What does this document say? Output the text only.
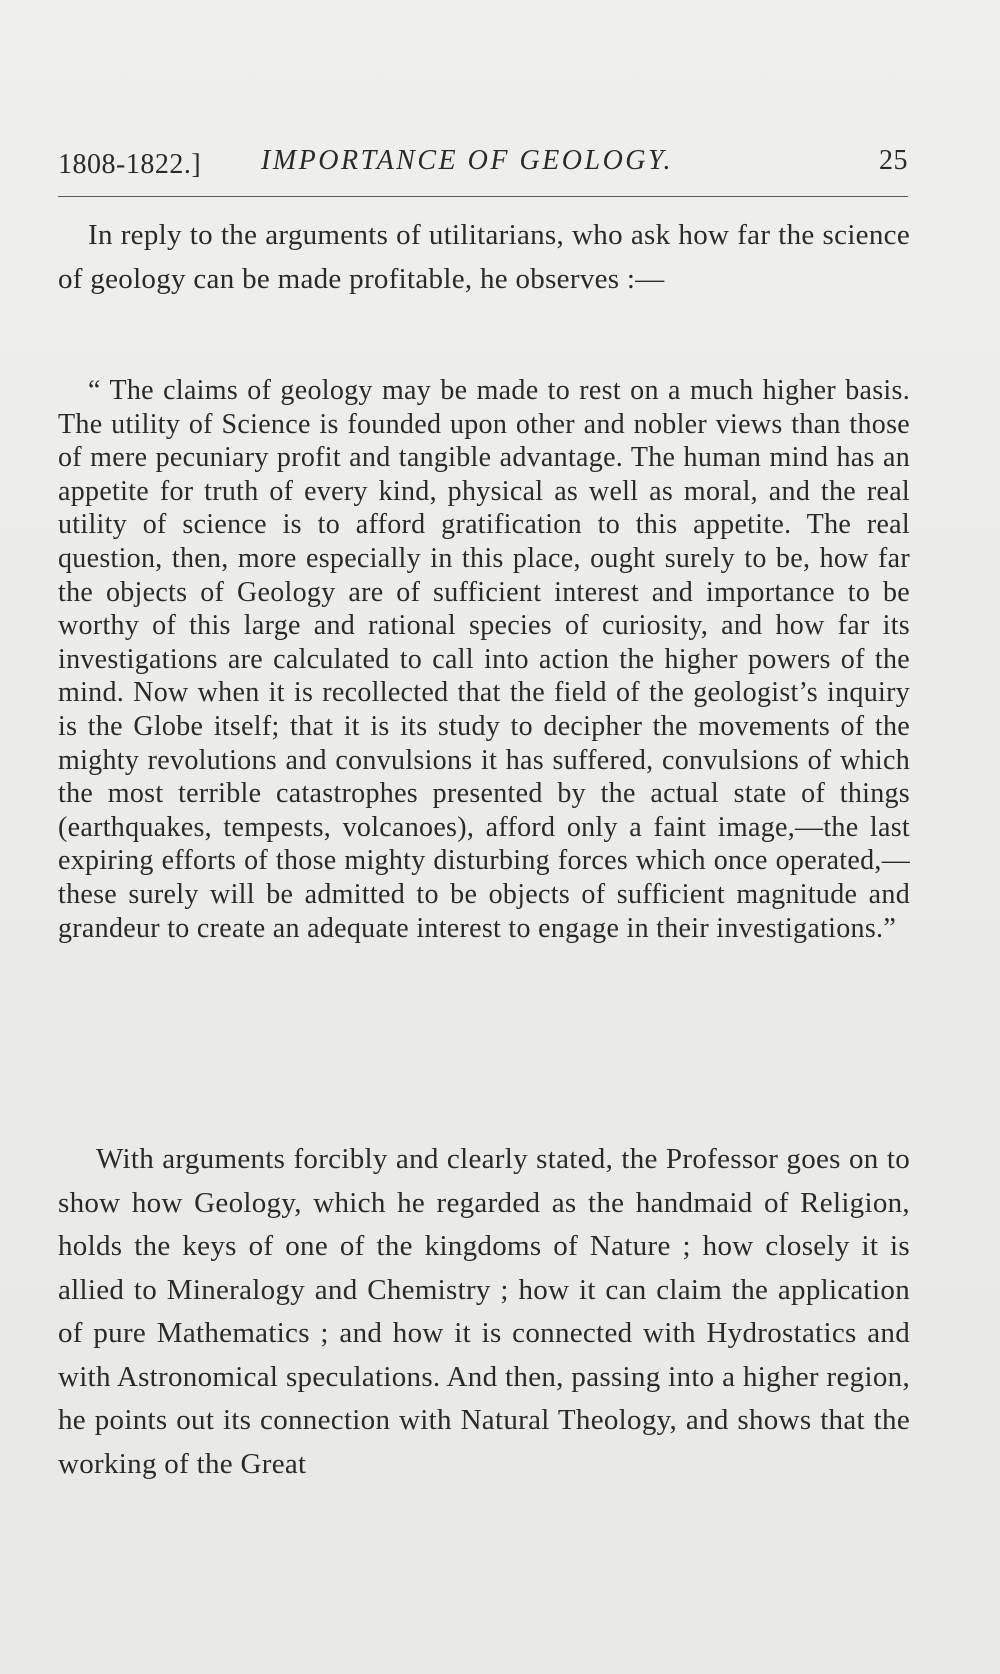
1808-1822.] IMPORTANCE OF GEOLOGY.	25

In reply to the arguments of utilitarians, who ask how far the science of geology can be made profitable, he observes :—

“ The claims of geology may be made to rest on a much higher basis. The utility of Science is founded upon other and nobler views than those of mere pecuniary profit and tangible advantage. The human mind has an appetite for truth of every kind, physical as well as moral, and the real utility of science is to afford gratification to this appetite. The real question, then, more especially in this place, ought surely to be, how far the objects of Geology are of sufficient interest and importance to be worthy of this large and rational species of curiosity, and how far its investigations are calculated to call into action the higher powers of the mind. Now when it is recollected that the field of the geologist’s inquiry is the Globe itself; that it is its study to decipher the movements of the mighty revolutions and convulsions it has suffered, convulsions of which the most terrible catastrophes presented by the actual state of things (earthquakes, tempests, volcanoes), afford only a faint image,—the last expiring efforts of those mighty disturbing forces which once operated,—these surely will be admitted to be objects of sufficient magnitude and grandeur to create an adequate interest to engage in their investigations.”

With arguments forcibly and clearly stated, the Professor goes on to show how Geology, which he regarded as the handmaid of Religion, holds the keys of one of the kingdoms of Nature ; how closely it is allied to Mineralogy and Chemistry ; how it can claim the application of pure Mathematics ; and how it is connected with Hydrostatics and with Astronomical speculations. And then, passing into a higher region, he points out its connection with Natural Theology, and shows that the working of the Great
